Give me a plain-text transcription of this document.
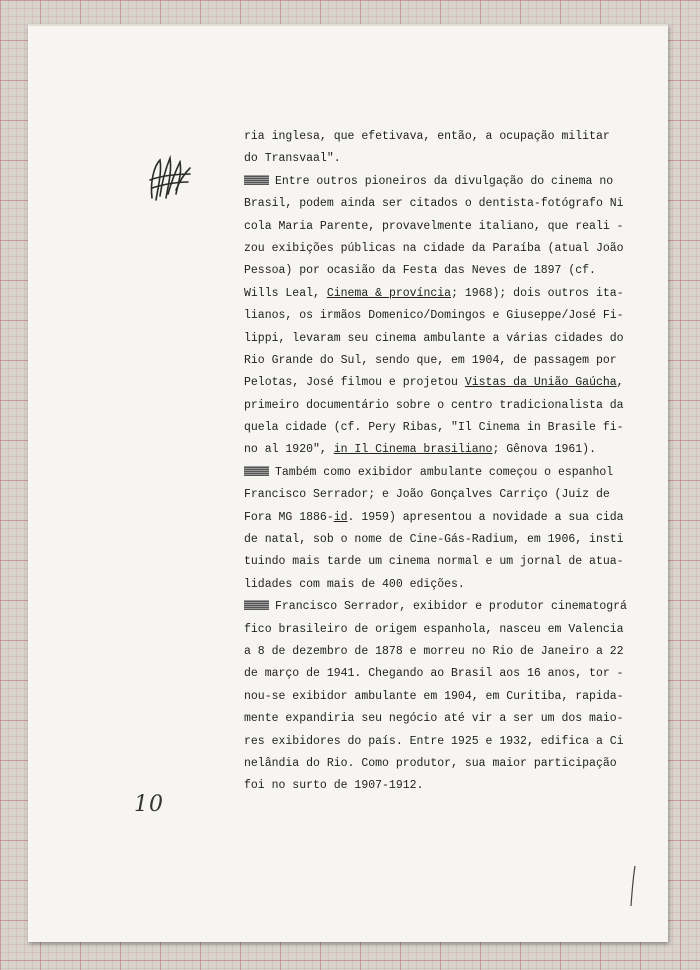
10
ria inglesa, que efetivava, então, a ocupação militar
do Transvaal".
Entre outros pioneiros da divulgação do cinema no
Brasil, podem ainda ser citados o dentista-fotógrafo Ni
cola Maria Parente, provavelmente italiano, que reali -
zou exibições públicas na cidade da Paraíba (atual João
Pessoa) por ocasião da Festa das Neves de 1897 (cf.
Wills Leal, Cinema & província; 1968); dois outros ita-
lianos, os irmãos Domenico/Domingos e Giuseppe/José Fi-
lippi, levaram seu cinema ambulante a várias cidades do
Rio Grande do Sul, sendo que, em 1904, de passagem por
Pelotas, José filmou e projetou Vistas da União Gaúcha,
primeiro documentário sobre o centro tradicionalista da
quela cidade (cf. Pery Ribas, "Il Cinema in Brasile fi-
no al 1920", in Il Cinema brasiliano; Gênova 1961).
Também como exibidor ambulante começou o espanhol
Francisco Serrador; e João Gonçalves Carriço (Juiz de
Fora MG 1886-id. 1959) apresentou a novidade a sua cida
de natal, sob o nome de Cine-Gás-Radium, em 1906, insti
tuindo mais tarde um cinema normal e um jornal de atua-
lidades com mais de 400 edições.
Francisco Serrador, exibidor e produtor cinematográ
fico brasileiro de origem espanhola, nasceu em Valencia
a 8 de dezembro de 1878 e morreu no Rio de Janeiro a 22
de março de 1941. Chegando ao Brasil aos 16 anos, tor -
nou-se exibidor ambulante em 1904, em Curitiba, rapida-
mente expandiria seu negócio até vir a ser um dos maio-
res exibidores do país. Entre 1925 e 1932, edifica a Ci
nelândia do Rio. Como produtor, sua maior participação
foi no surto de 1907-1912.
